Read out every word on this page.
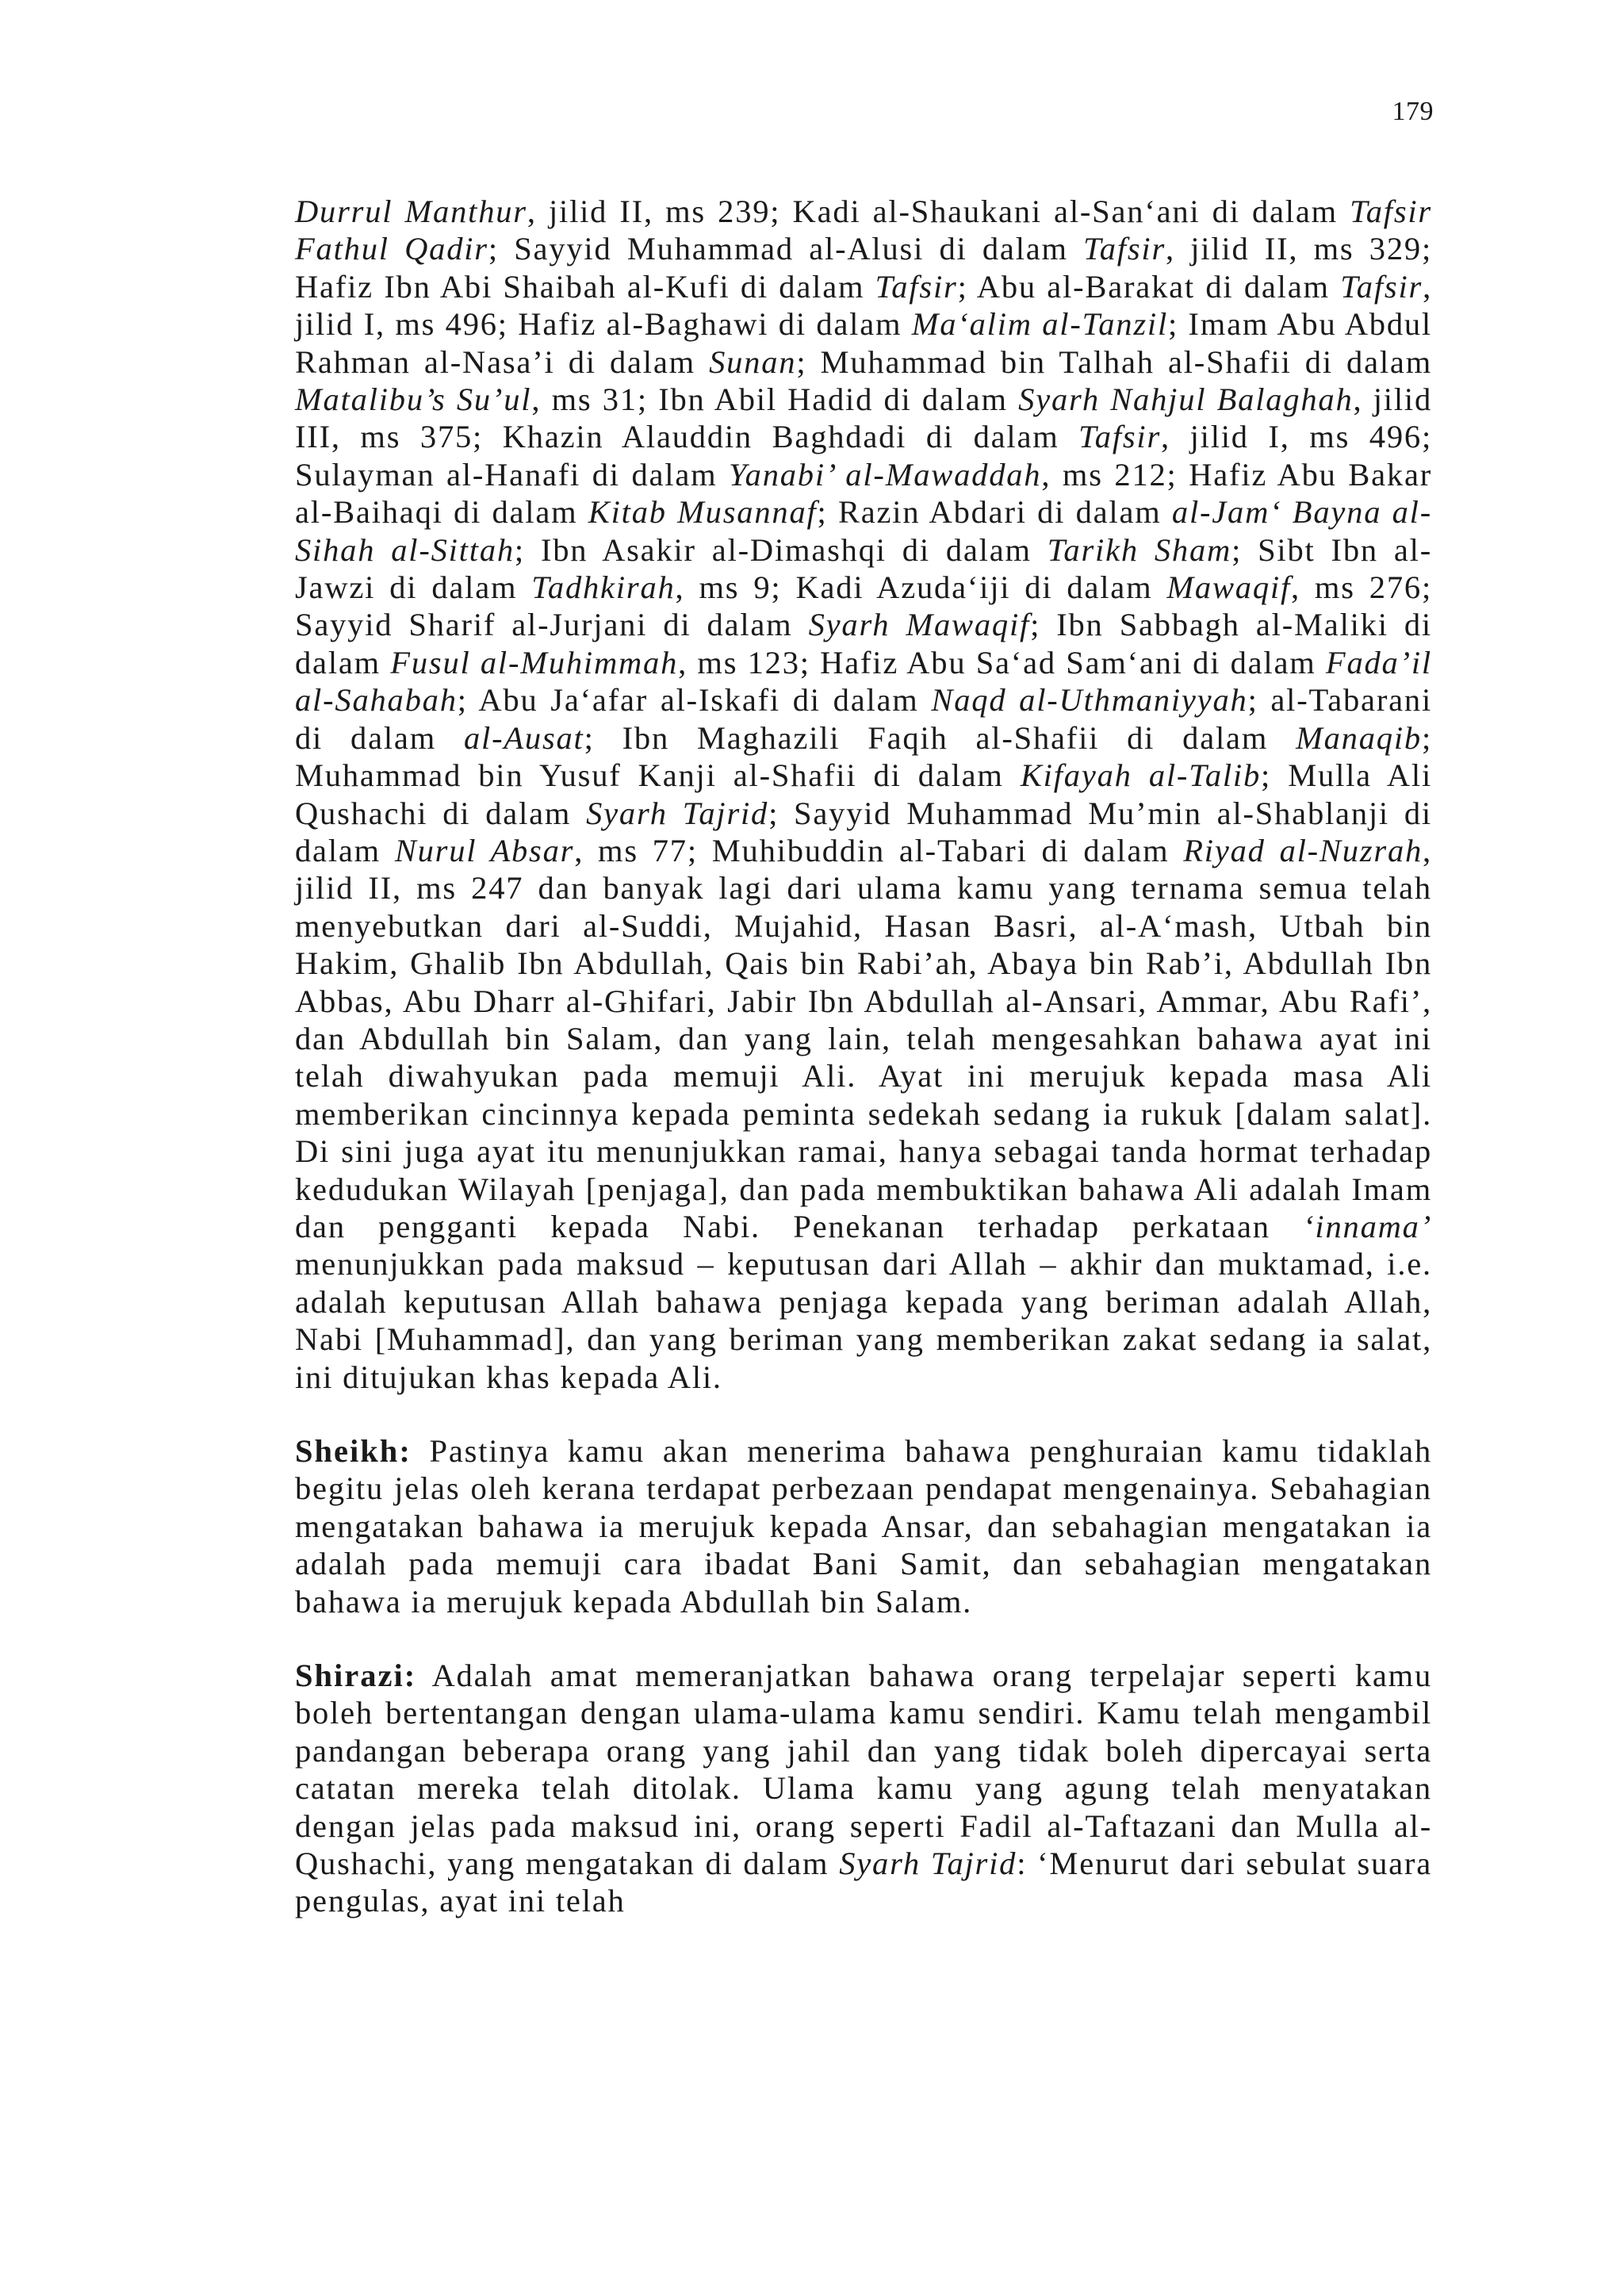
179

Durrul Manthur, jilid II, ms 239; Kadi al-Shaukani al-San‘ani di dalam Tafsir Fathul Qadir; Sayyid Muhammad al-Alusi di dalam Tafsir, jilid II, ms 329; Hafiz Ibn Abi Shaibah al-Kufi di dalam Tafsir; Abu al-Barakat di dalam Tafsir, jilid I, ms 496; Hafiz al-Baghawi di dalam Ma‘alim al-Tanzil; Imam Abu Abdul Rahman al-Nasa’i di dalam Sunan; Muhammad bin Talhah al-Shafii di dalam Matalibu’s Su’ul, ms 31; Ibn Abil Hadid di dalam Syarh Nahjul Balaghah, jilid III, ms 375; Khazin Alauddin Baghdadi di dalam Tafsir, jilid I, ms 496; Sulayman al-Hanafi di dalam Yanabi’ al-Mawaddah, ms 212; Hafiz Abu Bakar al-Baihaqi di dalam Kitab Musannaf; Razin Abdari di dalam al-Jam‘ Bayna al-Sihah al-Sittah; Ibn Asakir al-Dimashqi di dalam Tarikh Sham; Sibt Ibn al-Jawzi di dalam Tadhkirah, ms 9; Kadi Azuda‘iji di dalam Mawaqif, ms 276; Sayyid Sharif al-Jurjani di dalam Syarh Mawaqif; Ibn Sabbagh al-Maliki di dalam Fusul al-Muhimmah, ms 123; Hafiz Abu Sa‘ad Sam‘ani di dalam Fada’il al-Sahabah; Abu Ja‘afar al-Iskafi di dalam Naqd al-Uthmaniyyah; al-Tabarani di dalam al-Ausat; Ibn Maghazili Faqih al-Shafii di dalam Manaqib; Muhammad bin Yusuf Kanji al-Shafii di dalam Kifayah al-Talib; Mulla Ali Qushachi di dalam Syarh Tajrid; Sayyid Muhammad Mu’min al-Shablanji di dalam Nurul Absar, ms 77; Muhibuddin al-Tabari di dalam Riyad al-Nuzrah, jilid II, ms 247 dan banyak lagi dari ulama kamu yang ternama semua telah menyebutkan dari al-Suddi, Mujahid, Hasan Basri, al-A‘mash, Utbah bin Hakim, Ghalib Ibn Abdullah, Qais bin Rabi’ah, Abaya bin Rab’i, Abdullah Ibn Abbas, Abu Dharr al-Ghifari, Jabir Ibn Abdullah al-Ansari, Ammar, Abu Rafi’, dan Abdullah bin Salam, dan yang lain, telah mengesahkan bahawa ayat ini telah diwahyukan pada memuji Ali. Ayat ini merujuk kepada masa Ali memberikan cincinnya kepada peminta sedekah sedang ia rukuk [dalam salat]. Di sini juga ayat itu menunjukkan ramai, hanya sebagai tanda hormat terhadap kedudukan Wilayah [penjaga], dan pada membuktikan bahawa Ali adalah Imam dan pengganti kepada Nabi. Penekanan terhadap perkataan ‘innama’ menunjukkan pada maksud – keputusan dari Allah – akhir dan muktamad, i.e. adalah keputusan Allah bahawa penjaga kepada yang beriman adalah Allah, Nabi [Muhammad], dan yang beriman yang memberikan zakat sedang ia salat, ini ditujukan khas kepada Ali.

Sheikh: Pastinya kamu akan menerima bahawa penghuraian kamu tidaklah begitu jelas oleh kerana terdapat perbezaan pendapat mengenainya. Sebahagian mengatakan bahawa ia merujuk kepada Ansar, dan sebahagian mengatakan ia adalah pada memuji cara ibadat Bani Samit, dan sebahagian mengatakan bahawa ia merujuk kepada Abdullah bin Salam.

Shirazi: Adalah amat memeranjatkan bahawa orang terpelajar seperti kamu boleh bertentangan dengan ulama-ulama kamu sendiri. Kamu telah mengambil pandangan beberapa orang yang jahil dan yang tidak boleh dipercayai serta catatan mereka telah ditolak. Ulama kamu yang agung telah menyatakan dengan jelas pada maksud ini, orang seperti Fadil al-Taftazani dan Mulla al-Qushachi, yang mengatakan di dalam Syarh Tajrid: ‘Menurut dari sebulat suara pengulas, ayat ini telah
